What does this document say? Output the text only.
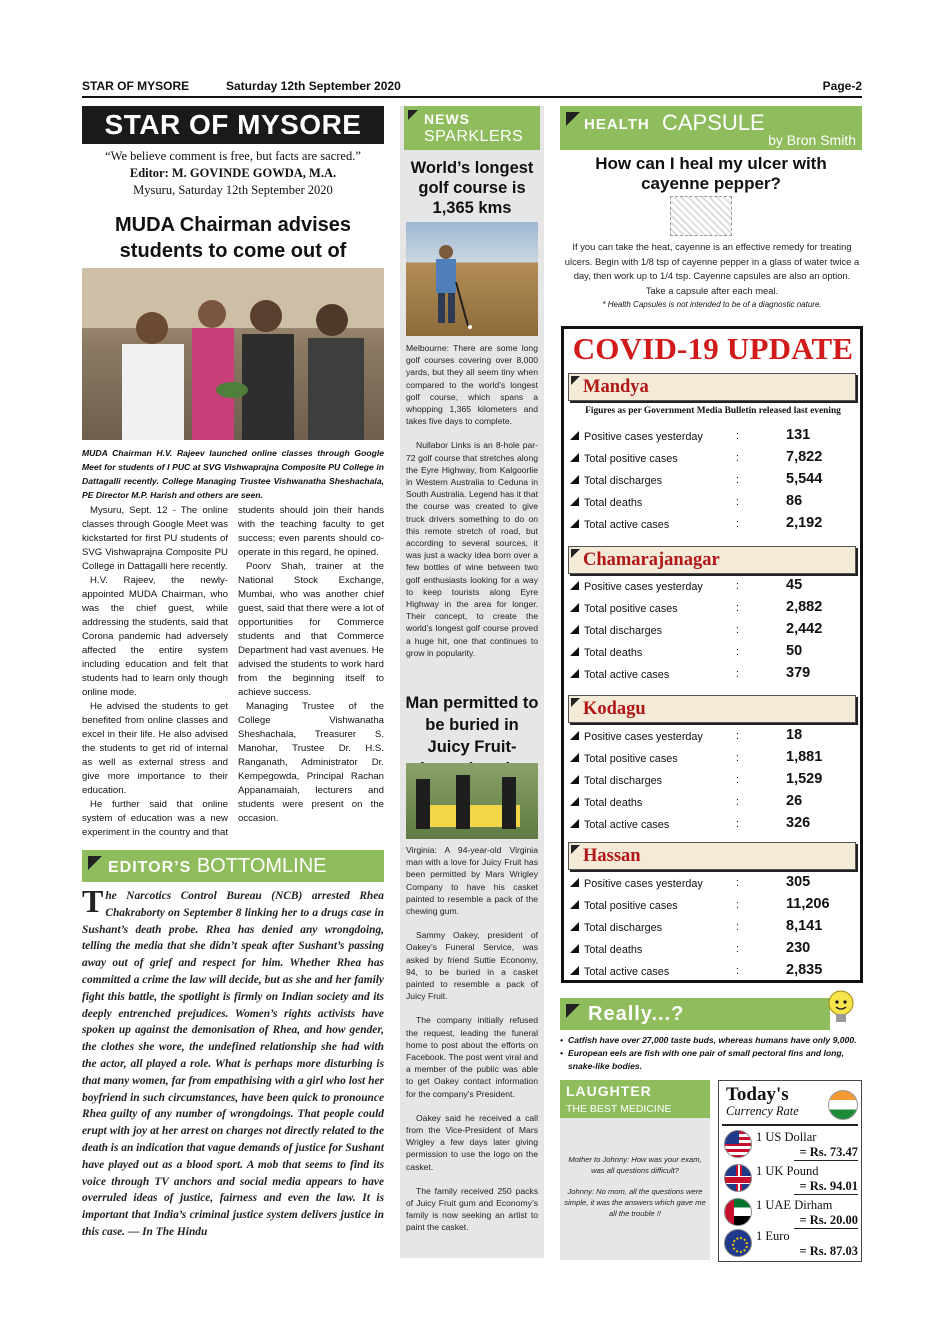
STAR OF MYSORE	Saturday 12th September 2020	Page-2
STAR OF MYSORE
“We believe comment is free, but facts are sacred.”
Editor: M. GOVINDE GOWDA, M.A.
Mysuru, Saturday 12th September 2020
MUDA Chairman advises students to come out of
MUDA Chairman H.V. Rajeev launched online classes through Google Meet for students of I PUC at SVG Vishwaprajna Composite PU College in Dattagalli recently. College Managing Trustee Vishwanatha Sheshachala, PE Director M.P. Harish and others are seen.

Mysuru, Sept. 12 - The online classes through Google Meet was kickstarted for first PU students of SVG Vishwaprajna Composite PU College in Dattagalli here recently.

H.V. Rajeev, the newly-appointed MUDA Chairman, who was the chief guest, while addressing the students, said that Corona pandemic had adversely affected the entire system including education and felt that students had to learn only though online mode.

He advised the students to get benefited from online classes and excel in their life. He also advised the students to get rid of internal as well as external stress and give more importance to their education.

He further said that online system of education was a new experiment in the country and that students should join their hands with the teaching faculty to get success; even parents should co-operate in this regard, he opined.

Poorv Shah, trainer at the National Stock Exchange, Mumbai, who was another chief guest, said that there were a lot of opportunities for Commerce students and that Commerce Department had vast avenues. He advised the students to work hard from the beginning itself to achieve success.

Managing Trustee of the College Vishwanatha Sheshachala, Treasurer S. Manohar, Trustee Dr. H.S. Ranganath, Administrator Dr. Kempegowda, Principal Rachan Appanamaiah, lecturers and students were present on the occasion.

EDITOR’S BOTTOMLINE
T he Narcotics Control Bureau (NCB) arrested Rhea Chakraborty on September 8 linking her to a drugs case in Sushant’s death probe. Rhea has denied any wrongdoing, telling the media that she didn’t speak after Sushant’s passing away out of grief and respect for him. Whether Rhea has committed a crime the law will decide, but as she and her family fight this battle, the spotlight is firmly on Indian society and its deeply entrenched prejudices. Women’s rights activists have spoken up against the demonisation of Rhea, and how gender, the clothes she wore, the undefined relationship she had with the actor, all played a role. What is perhaps more disturbing is that many women, far from empathising with a girl who lost her boyfriend in such circumstances, have been quick to pronounce Rhea guilty of any number of wrongdoings. That people could erupt with joy at her arrest on charges not directly related to the death is an indication that vague demands of justice for Sushant have played out as a blood sport. A mob that seems to find its voice through TV anchors and social media appears to have overruled ideas of justice, fairness and even the law. It is important that India’s criminal justice system delivers justice in this case. — In The Hindu
NEWS
SPARKLERS
World’s longest golf course is 1,365 kms

Melbourne: There are some long golf courses covering over 8,000 yards, but they all seem tiny when compared to the world’s longest golf course, which spans a whopping 1,365 kilometers and takes five days to complete.

Nullabor Links is an 8-hole par-72 golf course that stretches along the Eyre Highway, from Kalgoorlie in Western Australia to Ceduna in South Australia. Legend has it that the course was created to give truck drivers something to do on this remote stretch of road, but according to several sources, it was just a wacky idea born over a few bottles of wine between two golf enthusiasts looking for a way to keep tourists along Eyre Highway in the area for longer. Their concept, to create the world’s longest golf course proved a huge hit, one that continues to grow in popularity.

Man permitted to be buried in Juicy Fruit-

Virginia: A 94-year-old Virginia man with a love for Juicy Fruit has been permitted by Mars Wrigley Company to have his casket painted to resemble a pack of the chewing gum.

Sammy Oakey, president of Oakey’s Funeral Service, was asked by friend Suttie Economy, 94, to be buried in a casket painted to resemble a pack of Juicy Fruit.

The company initially refused the request, leading the funeral home to post about the efforts on Facebook. The post went viral and a member of the public was able to get Oakey contact information for the company’s President.

Oakey said he received a call from the Vice-President of Mars Wrigley a few days later giving permission to use the logo on the casket.

The family received 250 packs of Juicy Fruit gum and Economy’s family is now seeking an artist to paint the casket.

HEALTH CAPSULE
by Bron Smith
How can I heal my ulcer with cayenne pepper?
If you can take the heat, cayenne is an effective remedy for treating ulcers. Begin with 1/8 tsp of cayenne pepper in a glass of water twice a day, then work up to 1/4 tsp. Cayenne capsules are also an option. Take a capsule after each meal.
* Health Capsules is not intended to be of a diagnostic nature.
COVID-19 UPDATE
Figures as per Government Media Bulletin released last evening
Mandya
Positive cases yesterday	:	131
Total positive cases	:	7,822
Total discharges	:	5,544
Total deaths	:	86
Total active cases	:	2,192
Chamarajanagar
Positive cases yesterday	:	45
Total positive cases	:	2,882
Total discharges	:	2,442
Total deaths	:	50
Total active cases	:	379
Kodagu
Positive cases yesterday	:	18
Total positive cases	:	1,881
Total discharges	:	1,529
Total deaths	:	26
Total active cases	:	326
Hassan
Positive cases yesterday	:	305
Total positive cases	:	11,206
Total discharges	:	8,141
Total deaths	:	230
Total active cases	:	2,835
Really...?
• Catfish have over 27,000 taste buds, whereas humans have only 9,000.
• European eels are fish with one pair of small pectoral fins and long, snake-like bodies.
LAUGHTER
THE BEST MEDICINE

Mother to Johnny: How was your exam, was all questions difficult?

Johnny: No mom, all the questions were simple, it was the answers which gave me all the trouble !!

Today's
Currency Rate
1 US Dollar
= Rs. 73.47
1 UK Pound
= Rs. 94.01
1 UAE Dirham
= Rs. 20.00
1 Euro
= Rs. 87.03
